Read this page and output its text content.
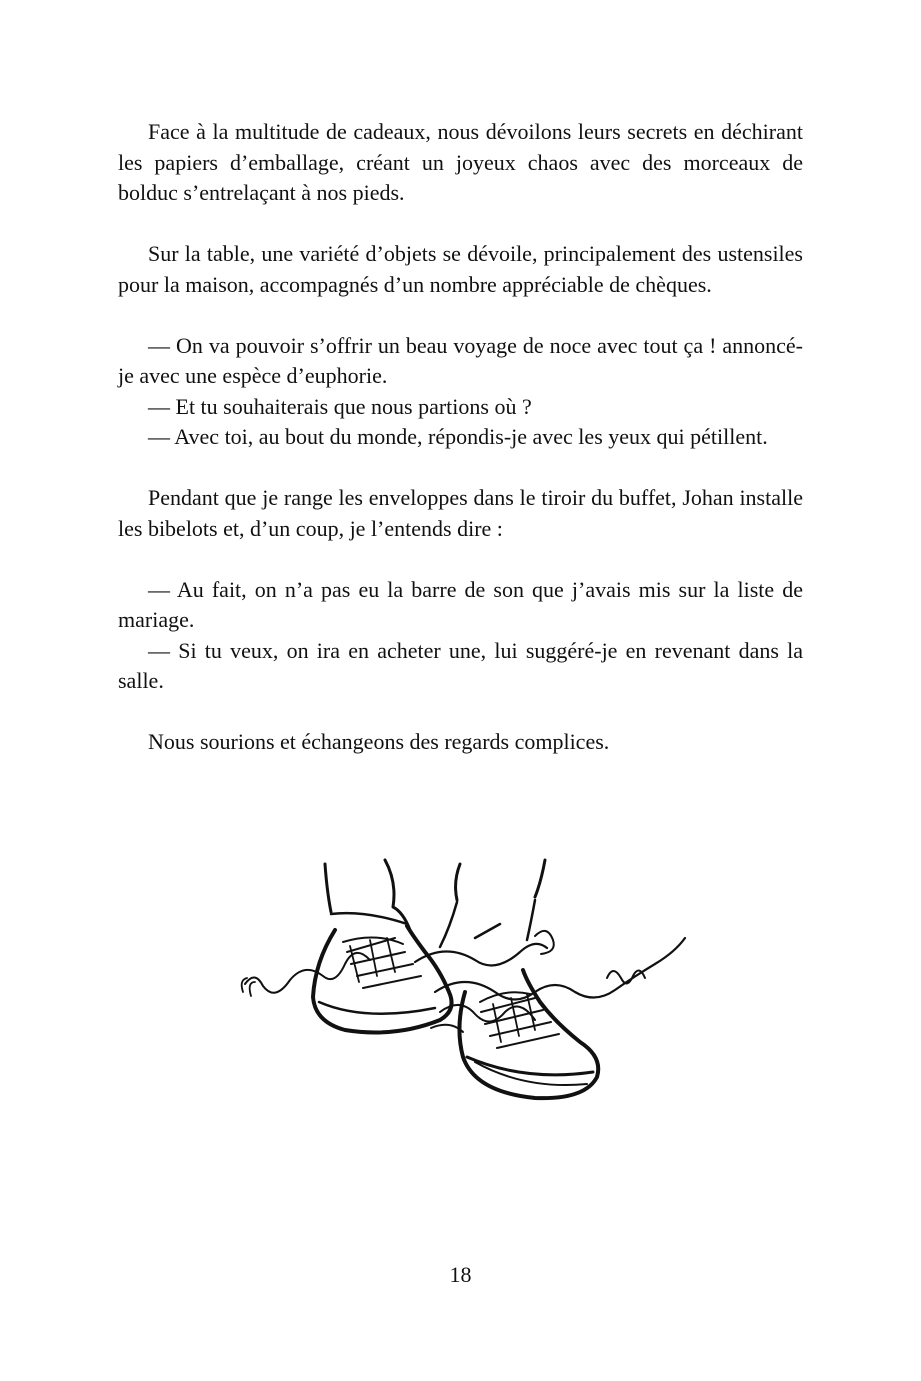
Face à la multitude de cadeaux, nous dévoilons leurs secrets en déchirant les papiers d’emballage, créant un joyeux chaos avec des morceaux de bolduc s’entrelaçant à nos pieds.

Sur la table, une variété d’objets se dévoile, principalement des ustensiles pour la maison, accompagnés d’un nombre appréciable de chèques.

— On va pouvoir s’offrir un beau voyage de noce avec tout ça ! annoncé-je avec une espèce d’euphorie.

— Et tu souhaiterais que nous partions où ?

— Avec toi, au bout du monde, répondis-je avec les yeux qui pétillent.

Pendant que je range les enveloppes dans le tiroir du buffet, Johan installe les bibelots et, d’un coup, je l’entends dire :

— Au fait, on n’a pas eu la barre de son que j’avais mis sur la liste de mariage.

— Si tu veux, on ira en acheter une, lui suggéré-je en revenant dans la salle.

Nous sourions et échangeons des regards complices.

18
